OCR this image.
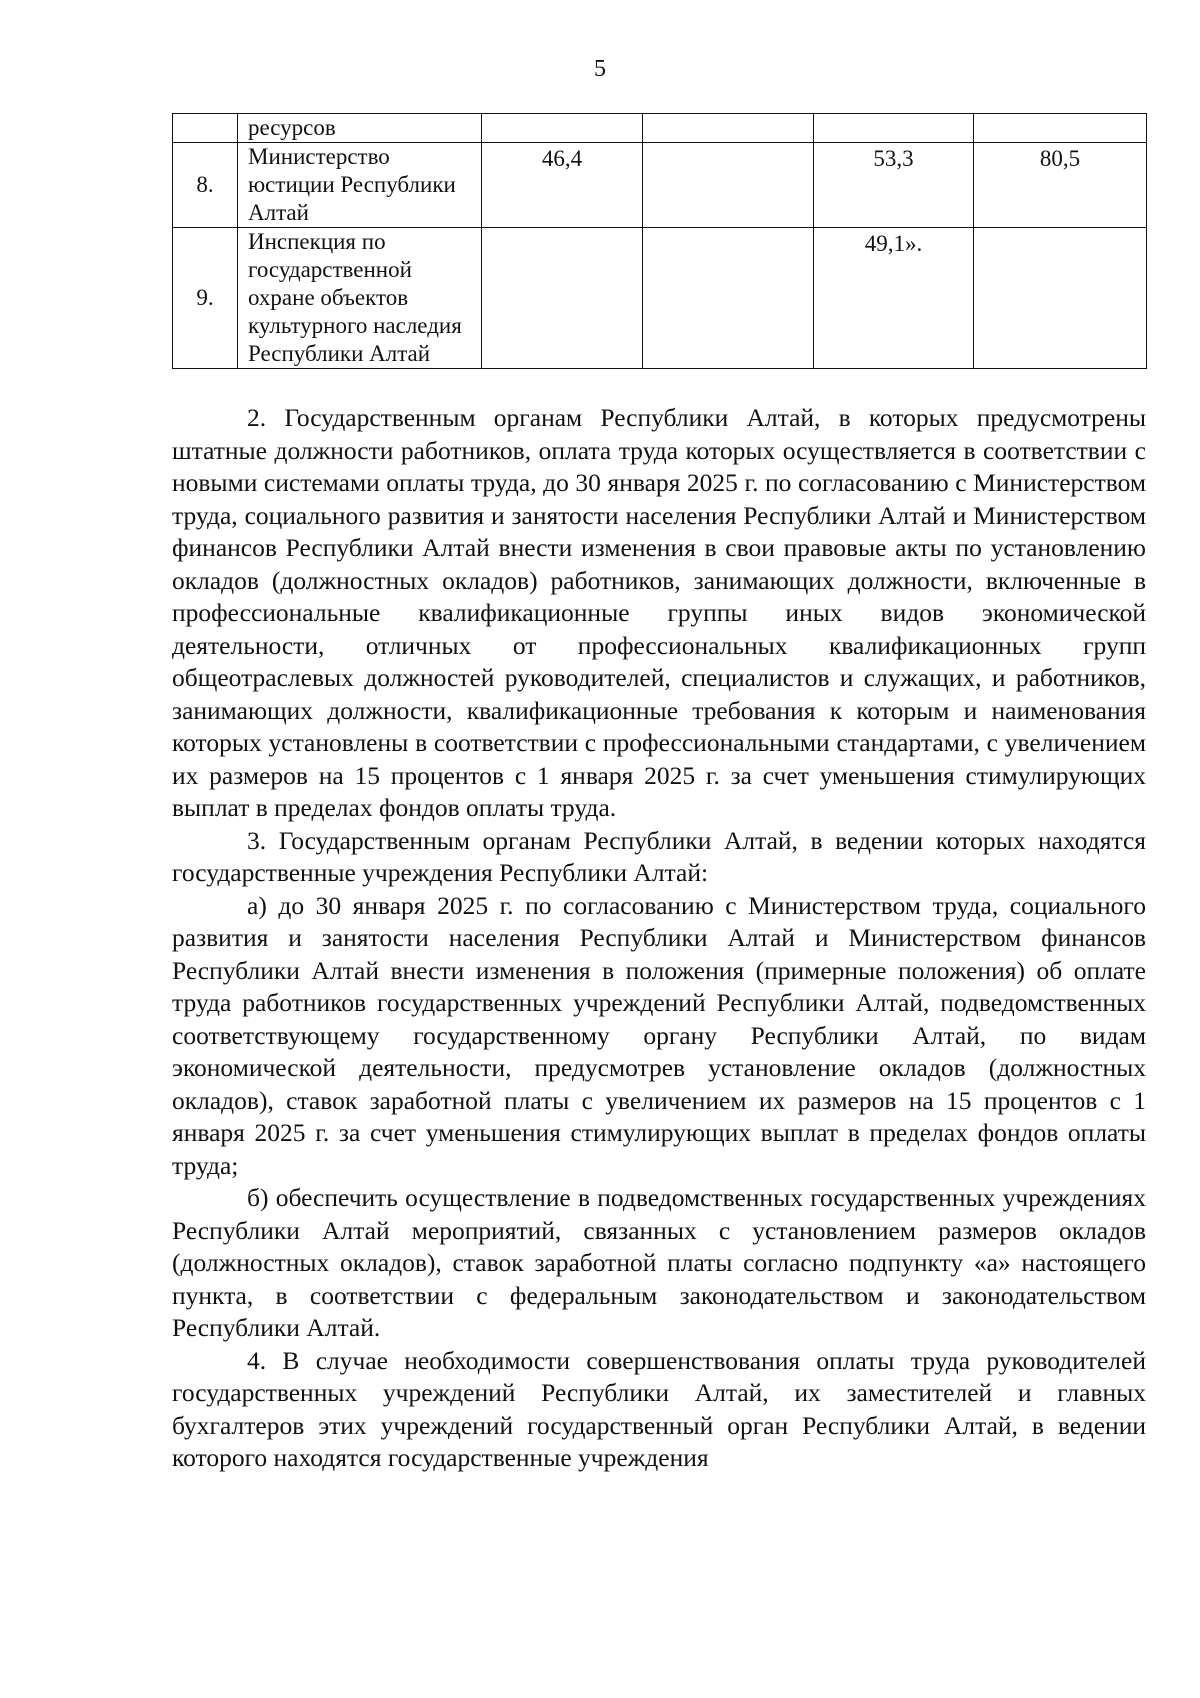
5
	ресурсов				
8.	Министерство юстиции Республики Алтай	46,4		53,3	80,5
9.	Инспекция по государственной охране объектов культурного наследия Республики Алтай			49,1».	

2. Государственным органам Республики Алтай, в которых предусмотрены штатные должности работников, оплата труда которых осуществляется в соответствии с новыми системами оплаты труда, до 30 января 2025 г. по согласованию с Министерством труда, социального развития и занятости населения Республики Алтай и Министерством финансов Республики Алтай внести изменения в свои правовые акты по установлению окладов (должностных окладов) работников, занимающих должности, включенные в профессиональные квалификационные группы иных видов экономической деятельности, отличных от профессиональных квалификационных групп общеотраслевых должностей руководителей, специалистов и служащих, и работников, занимающих должности, квалификационные требования к которым и наименования которых установлены в соответствии с профессиональными стандартами, с увеличением их размеров на 15 процентов с 1 января 2025 г. за счет уменьшения стимулирующих выплат в пределах фондов оплаты труда.

3. Государственным органам Республики Алтай, в ведении которых находятся государственные учреждения Республики Алтай:

а) до 30 января 2025 г. по согласованию с Министерством труда, социального развития и занятости населения Республики Алтай и Министерством финансов Республики Алтай внести изменения в положения (примерные положения) об оплате труда работников государственных учреждений Республики Алтай, подведомственных соответствующему государственному органу Республики Алтай, по видам экономической деятельности, предусмотрев установление окладов (должностных окладов), ставок заработной платы с увеличением их размеров на 15 процентов с 1 января 2025 г. за счет уменьшения стимулирующих выплат в пределах фондов оплаты труда;

б) обеспечить осуществление в подведомственных государственных учреждениях Республики Алтай мероприятий, связанных с установлением размеров окладов (должностных окладов), ставок заработной платы согласно подпункту «а» настоящего пункта, в соответствии с федеральным законодательством и законодательством Республики Алтай.

4. В случае необходимости совершенствования оплаты труда руководителей государственных учреждений Республики Алтай, их заместителей и главных бухгалтеров этих учреждений государственный орган Республики Алтай, в ведении которого находятся государственные учреждения
